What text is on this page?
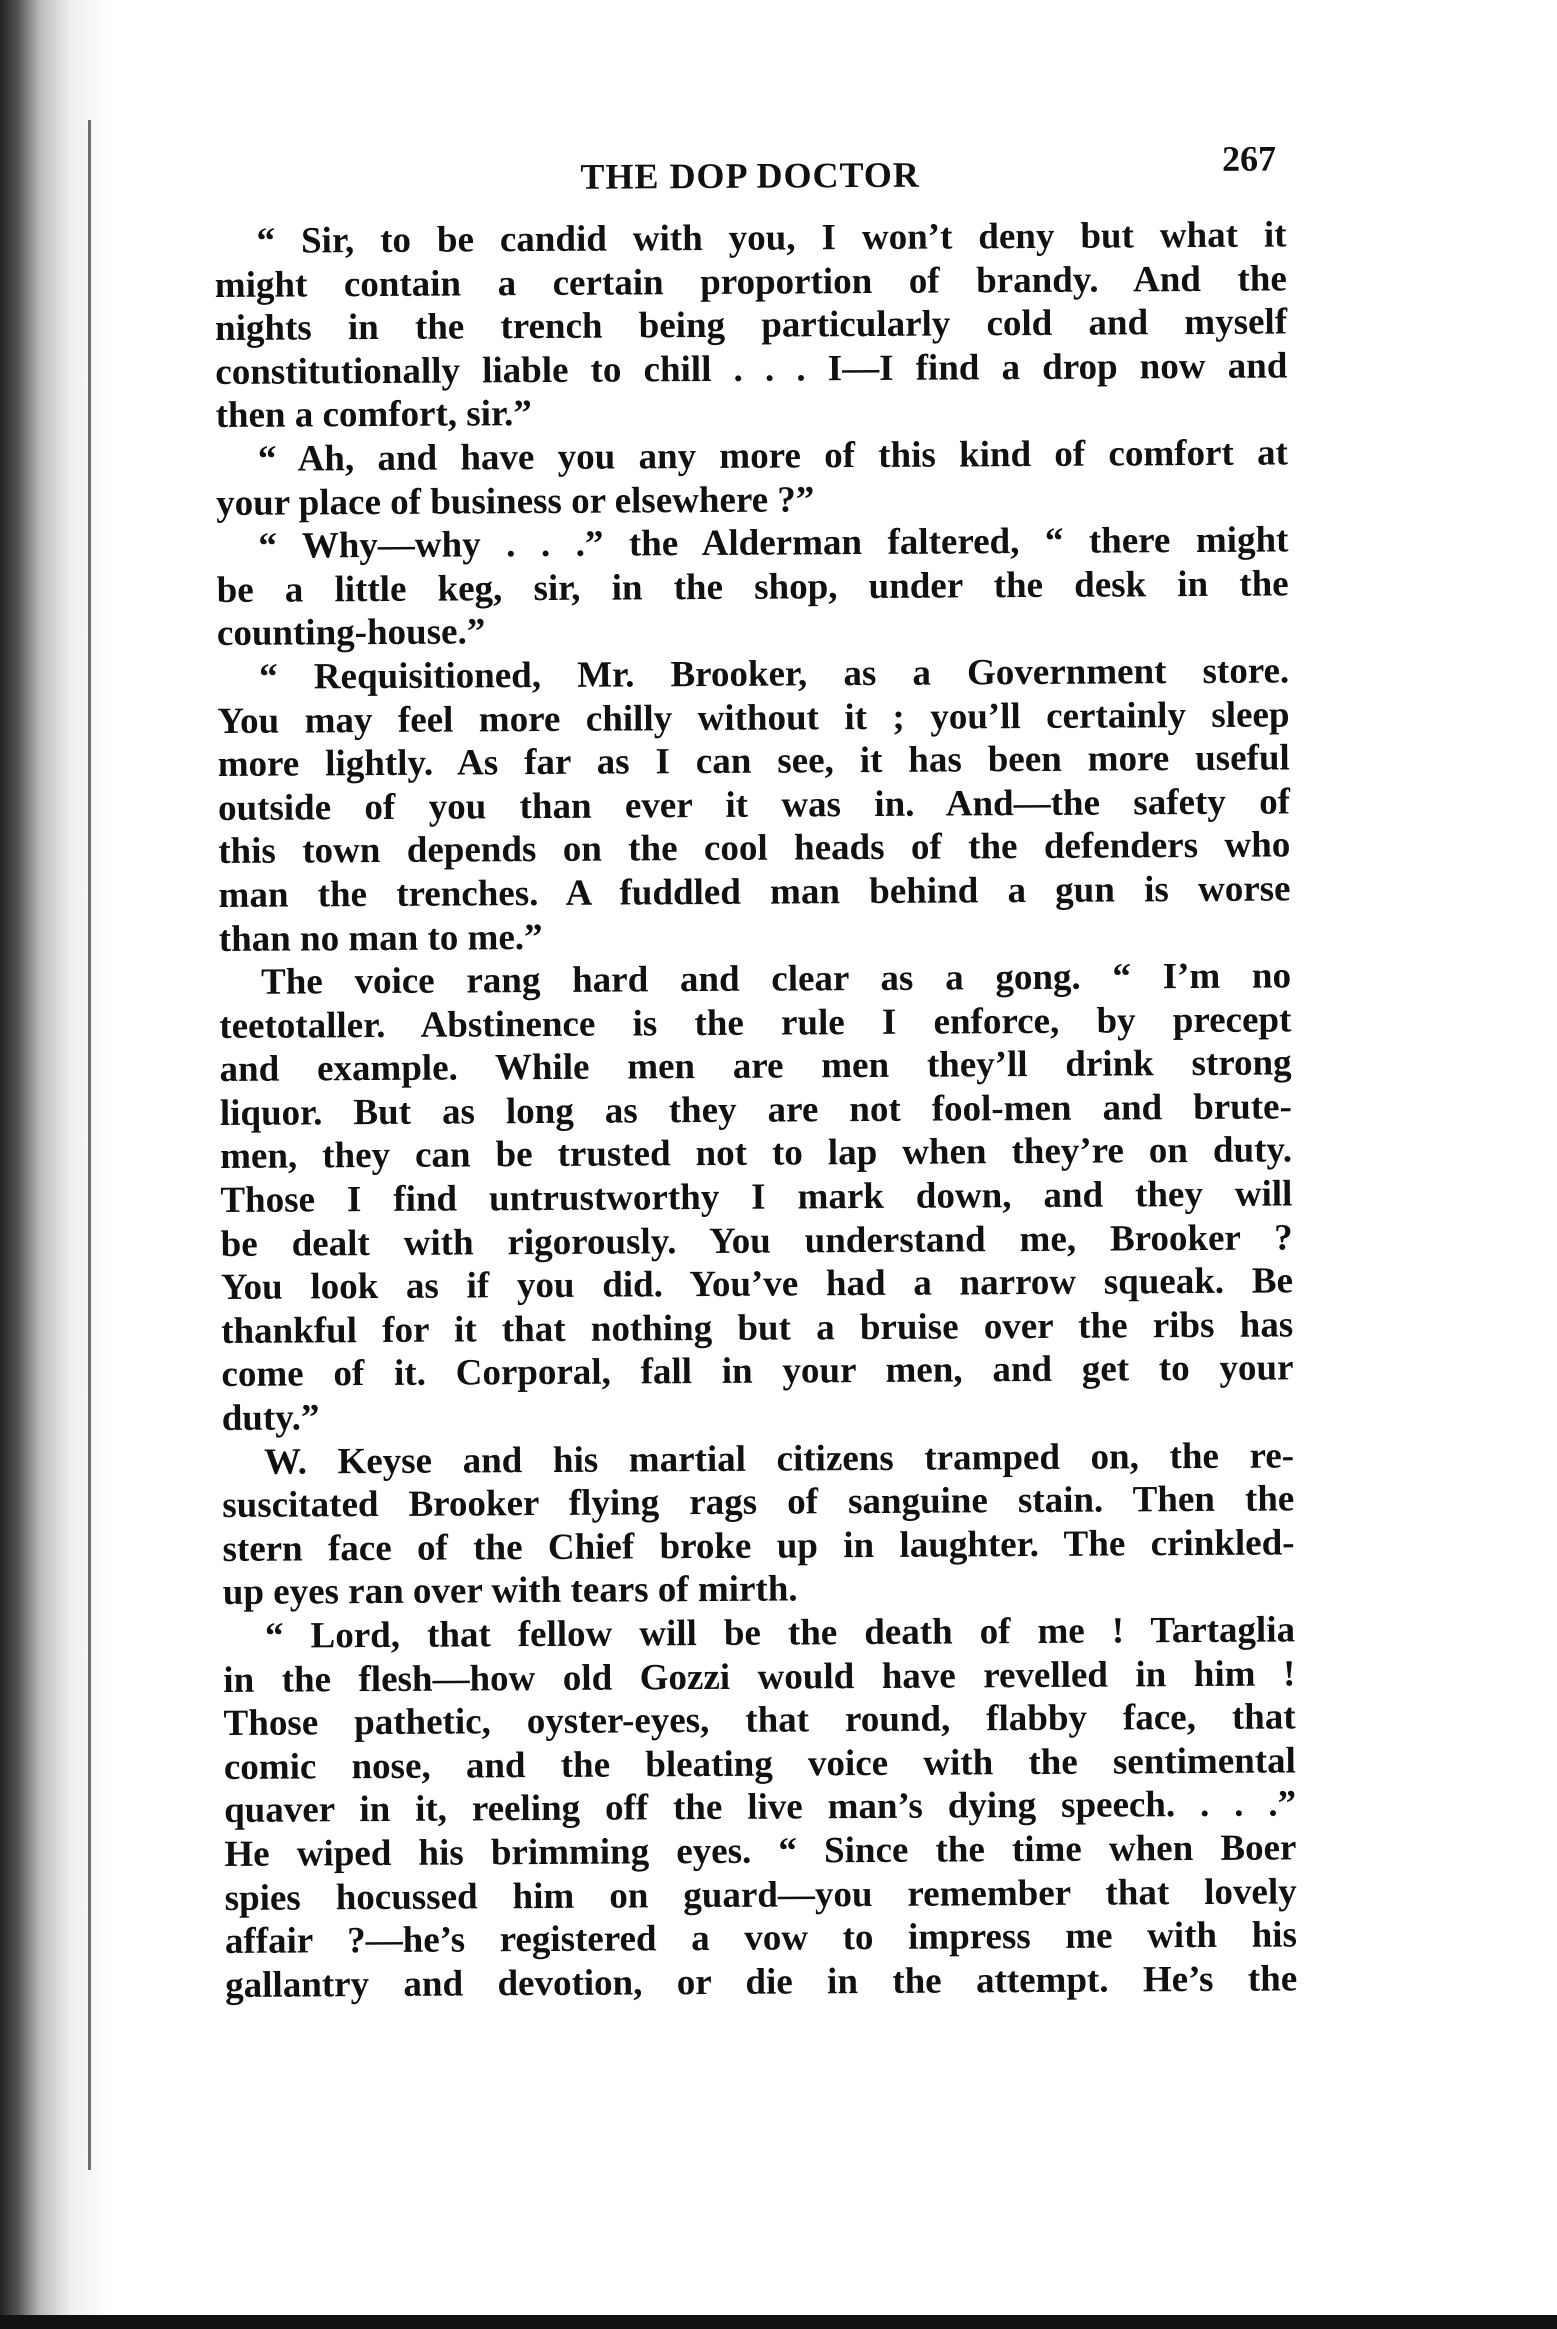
THE DOP DOCTOR	267
“ Sir, to be candid with you, I won’t deny but what it
might contain a certain proportion of brandy. And the
nights in the trench being particularly cold and myself
constitutionally liable to chill . . . I—I find a drop now and
then a comfort, sir.”
“ Ah, and have you any more of this kind of comfort at
your place of business or elsewhere ?”
“ Why—why . . .” the Alderman faltered, “ there might
be a little keg, sir, in the shop, under the desk in the
counting-house.”
“ Requisitioned, Mr. Brooker, as a Government store.
You may feel more chilly without it ; you’ll certainly sleep
more lightly. As far as I can see, it has been more useful
outside of you than ever it was in. And—the safety of
this town depends on the cool heads of the defenders who
man the trenches. A fuddled man behind a gun is worse
than no man to me.”
The voice rang hard and clear as a gong. “ I’m no
teetotaller. Abstinence is the rule I enforce, by precept
and example. While men are men they’ll drink strong
liquor. But as long as they are not fool-men and brute-
men, they can be trusted not to lap when they’re on duty.
Those I find untrustworthy I mark down, and they will
be dealt with rigorously. You understand me, Brooker ?
You look as if you did. You’ve had a narrow squeak. Be
thankful for it that nothing but a bruise over the ribs has
come of it. Corporal, fall in your men, and get to your
duty.”
W. Keyse and his martial citizens tramped on, the re-
suscitated Brooker flying rags of sanguine stain. Then the
stern face of the Chief broke up in laughter. The crinkled-
up eyes ran over with tears of mirth.
“ Lord, that fellow will be the death of me ! Tartaglia
in the flesh—how old Gozzi would have revelled in him !
Those pathetic, oyster-eyes, that round, flabby face, that
comic nose, and the bleating voice with the sentimental
quaver in it, reeling off the live man’s dying speech. . . .”
He wiped his brimming eyes. “ Since the time when Boer
spies hocussed him on guard—you remember that lovely
affair ?—he’s registered a vow to impress me with his
gallantry and devotion, or die in the attempt. He’s the
